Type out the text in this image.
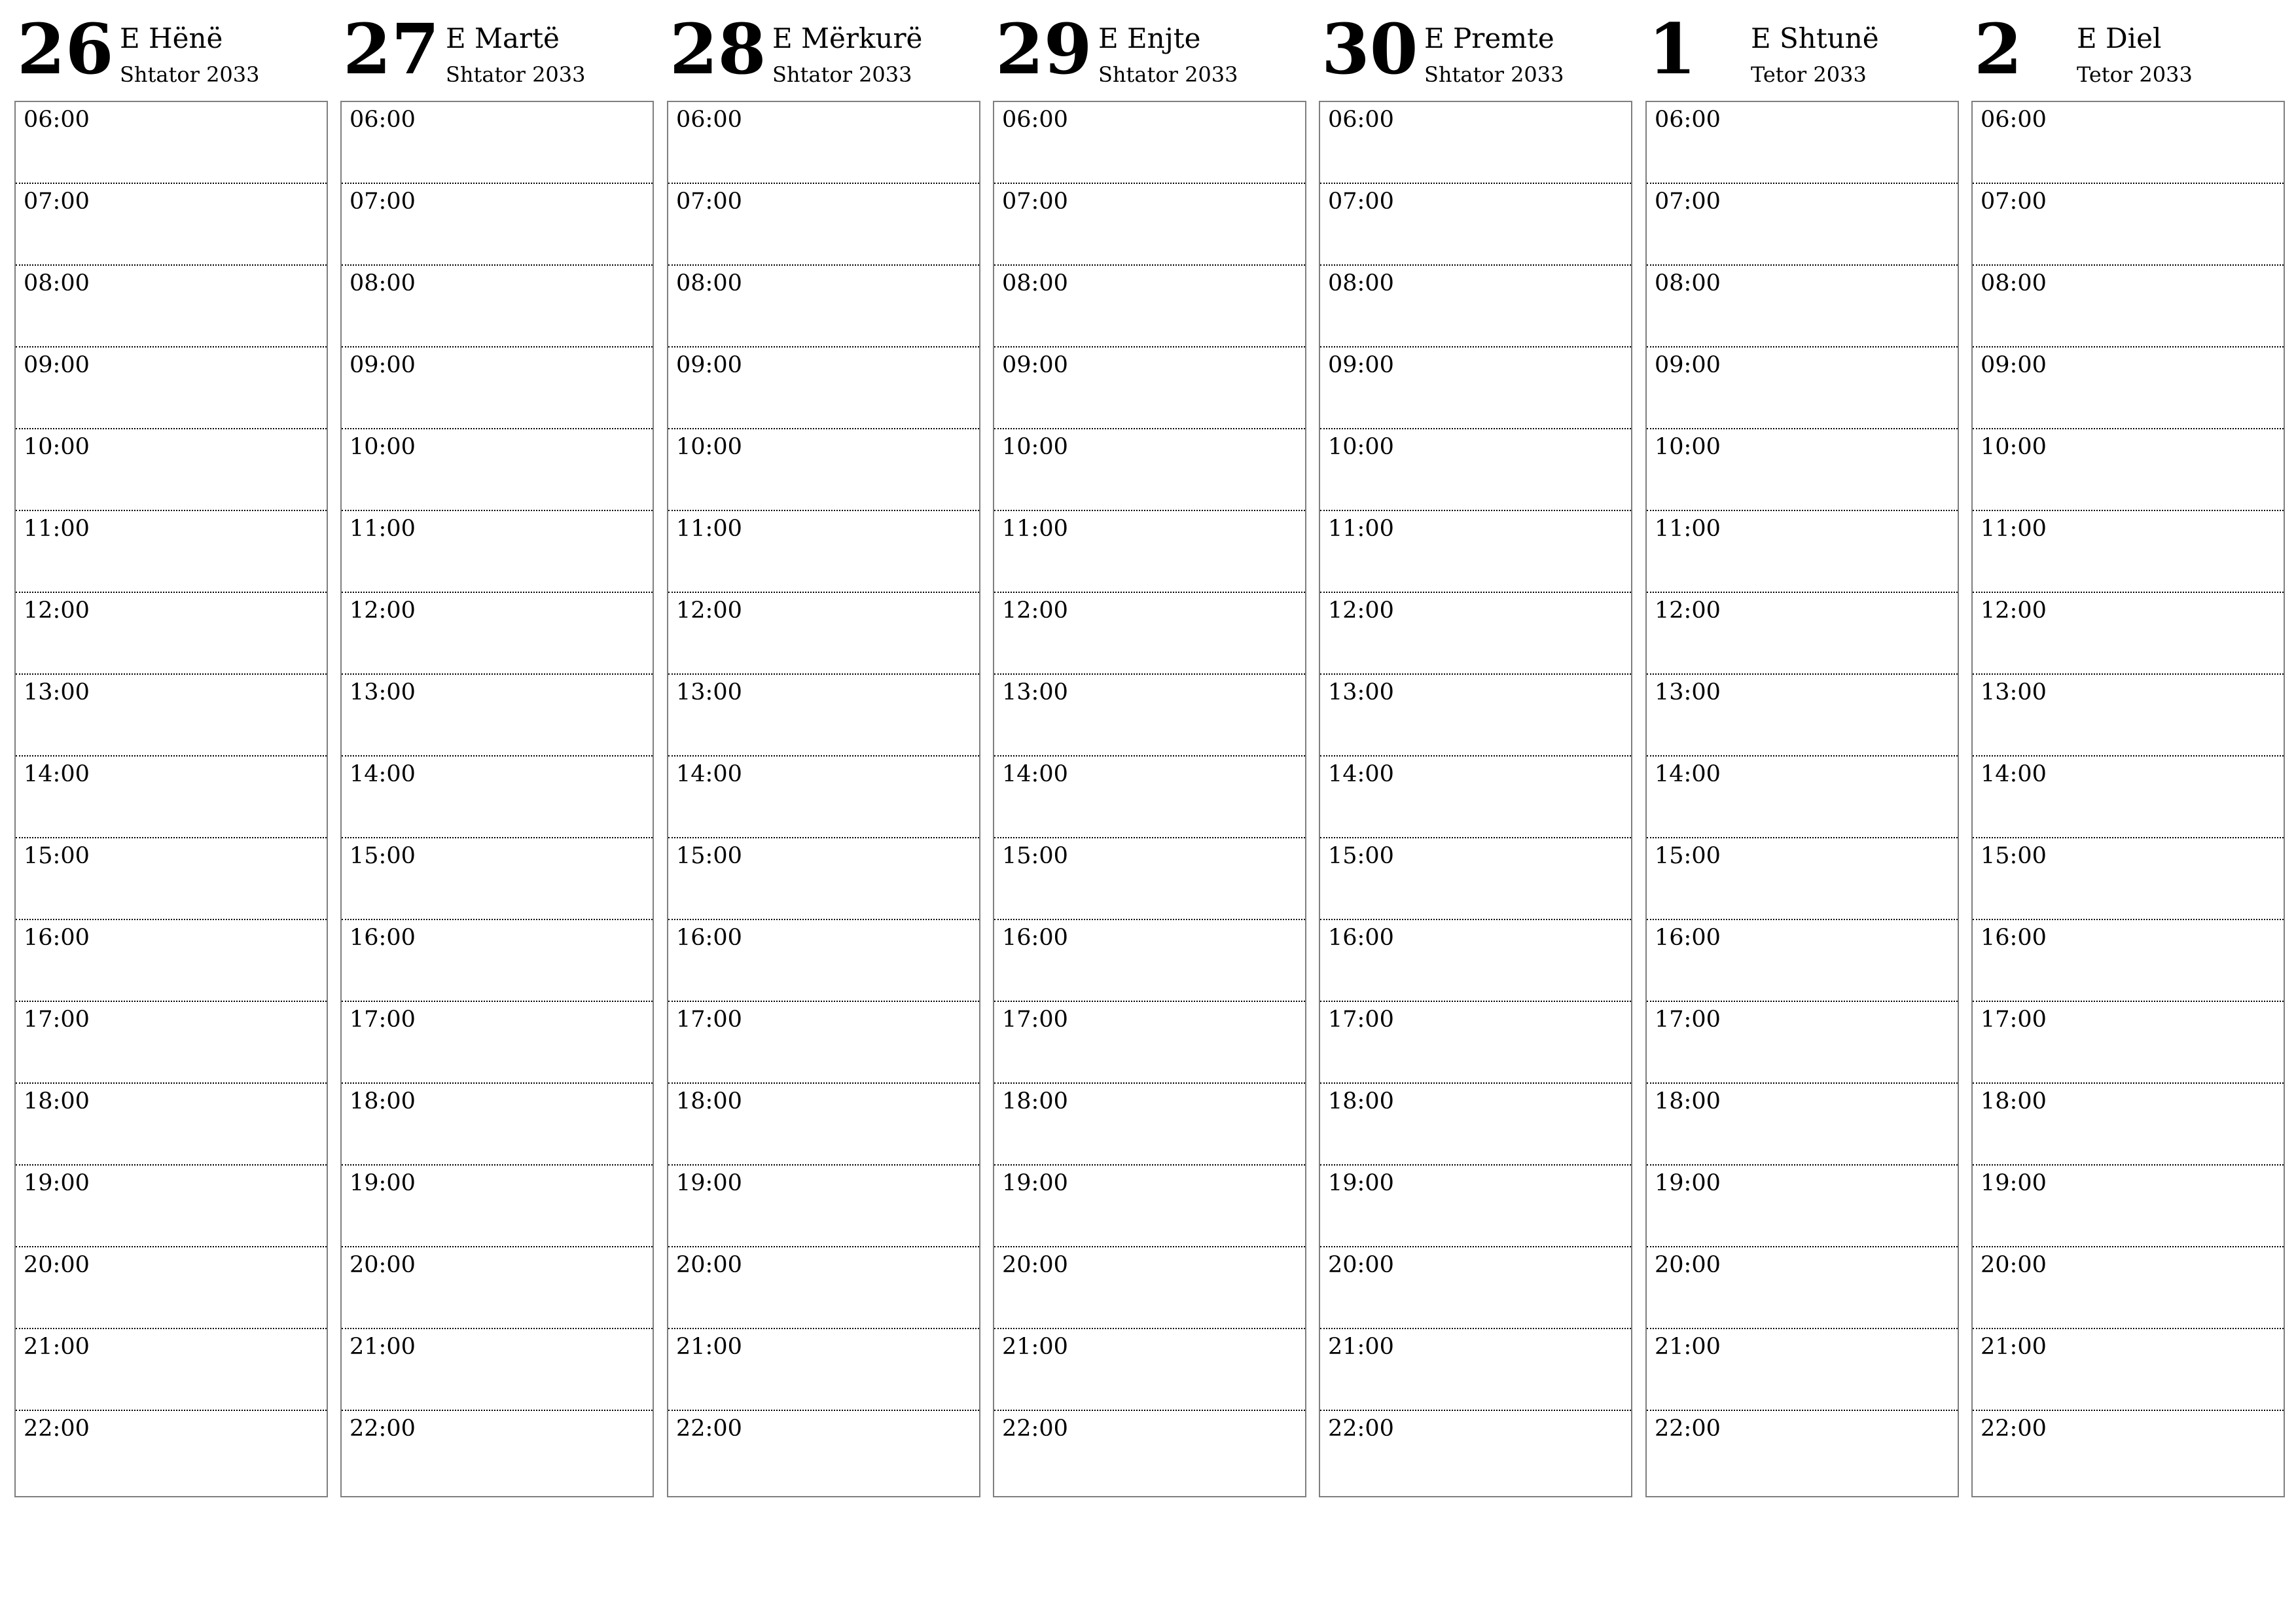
26 E Hënë
Shtator 2033
06:00
07:00
08:00
09:00
10:00
11:00
12:00
13:00
14:00
15:00
16:00
17:00
18:00
19:00
20:00
21:00
22:00
27 E Martë
Shtator 2033
06:00
07:00
08:00
09:00
10:00
11:00
12:00
13:00
14:00
15:00
16:00
17:00
18:00
19:00
20:00
21:00
22:00
28 E Mërkurë
Shtator 2033
06:00
07:00
08:00
09:00
10:00
11:00
12:00
13:00
14:00
15:00
16:00
17:00
18:00
19:00
20:00
21:00
22:00
29 E Enjte
Shtator 2033
06:00
07:00
08:00
09:00
10:00
11:00
12:00
13:00
14:00
15:00
16:00
17:00
18:00
19:00
20:00
21:00
22:00
30 E Premte
Shtator 2033
06:00
07:00
08:00
09:00
10:00
11:00
12:00
13:00
14:00
15:00
16:00
17:00
18:00
19:00
20:00
21:00
22:00
1 E Shtunë
Tetor 2033
06:00
07:00
08:00
09:00
10:00
11:00
12:00
13:00
14:00
15:00
16:00
17:00
18:00
19:00
20:00
21:00
22:00
2 E Diel
Tetor 2033
06:00
07:00
08:00
09:00
10:00
11:00
12:00
13:00
14:00
15:00
16:00
17:00
18:00
19:00
20:00
21:00
22:00
